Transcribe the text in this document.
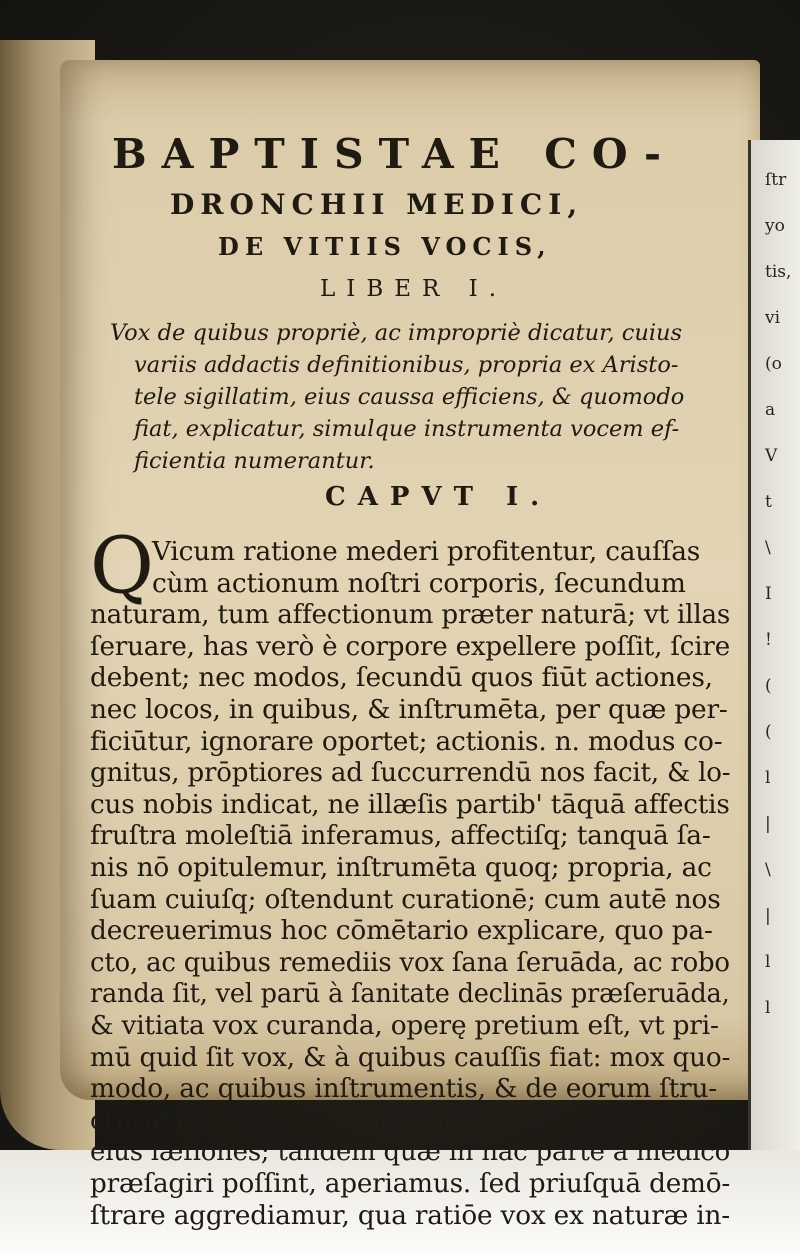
ſtr
yo
tis,
vi
(o
a
V
t
\
I
!
(
(
l
|
\
|
l
l
BAPTISTAE CO-
DRONCHII MEDICI,
DE VITIIS VOCIS,
LIBER I.
Vox de quibus propriè, ac impropriè dicatur, cuius
variis addactis definitionibus, propria ex Aristo-
tele sigillatim, eius caussa efficiens, & quomodo
fiat, explicatur, simulque instrumenta vocem ef-
ficientia numerantur.
CAPVT I.
Q
Vicum ratione mederi profitentur, cauſſas
cùm actionum noſtri corporis, ſecundum
naturam, tum affectionum præter naturā; vt illas
ſeruare, has verò è corpore expellere poſſit, ſcire
debent; nec modos, ſecundū quos fiūt actiones,
nec locos, in quibus, & inſtrumēta, per quæ per-
ficiūtur, ignorare oportet; actionis. n. modus co-
gnitus, prōptiores ad ſuccurrendū nos facit, & lo-
cus nobis indicat, ne illæſis partib' tāquā affectis
fruſtra moleſtiā inferamus, affectiſq; tanquā ſa-
nis nō opitulemur, inſtrumēta quoq; propria, ac
ſuam cuiuſq; oſtendunt curationē; cum autē nos
decreuerimus hoc cōmētario explicare, quo pa-
cto, ac quibus remediis vox ſana ſeruāda, ac robo
randa ſit, vel parū à ſanitate declinās præſeruāda,
& vitiata vox curanda, operę pretium eſt, vt pri-
mū quid ſit vox, & à quibus cauſſis fiat: mox quo-
modo, ac quibus inſtrumentis, & de eorum ſtru-
ctura; deinde quot ſint vocis differentiæ, & quot
eius læſiones; tandem quæ in hac parte à medico
præſagiri poſſint, aperiamus. ſed priuſquā demō-
ſtrare aggrediamur, qua ratiōe vox ex naturæ in-
